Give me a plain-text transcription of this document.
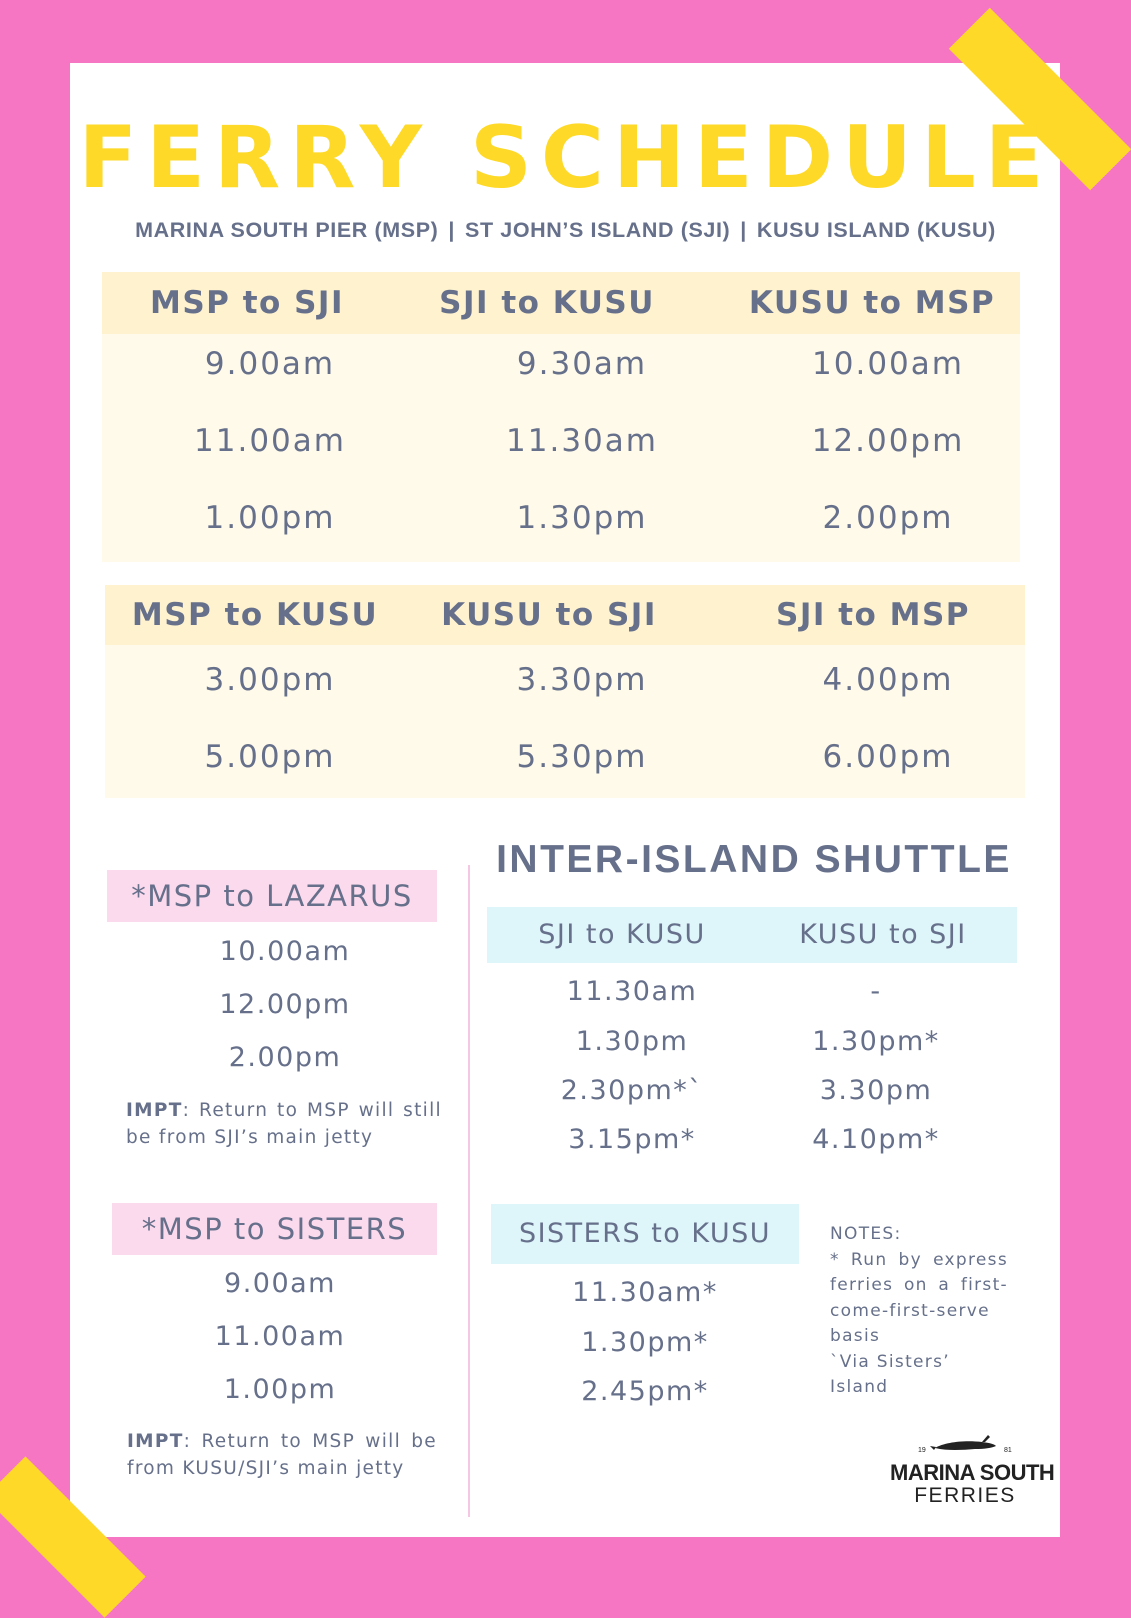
FERRY SCHEDULE
MARINA SOUTH PIER (MSP) | ST JOHN’S ISLAND (SJI) | KUSU ISLAND (KUSU)
MSP to SJI	SJI to KUSU	KUSU to MSP
9.00am	9.30am	10.00am
11.00am	11.30am	12.00pm
1.00pm	1.30pm	2.00pm
MSP to KUSU	KUSU to SJI	SJI to MSP
3.00pm	3.30pm	4.00pm
5.00pm	5.30pm	6.00pm
*MSP to LAZARUS
10.00am
12.00pm
2.00pm
IMPT: Return to MSP will still be from SJI’s main jetty
*MSP to SISTERS
9.00am
11.00am
1.00pm
IMPT: Return to MSP will be from KUSU/SJI’s main jetty
INTER-ISLAND SHUTTLE
SJI to KUSU	KUSU to SJI
11.30am	-
1.30pm	1.30pm*
2.30pm*`	3.30pm
3.15pm*	4.10pm*
SISTERS to KUSU
11.30am*
1.30pm*
2.45pm*
NOTES:
* Run by express ferries on a first-come-first-serve basis
`Via Sisters’ Island
19	81
MARINA SOUTH
FERRIES
